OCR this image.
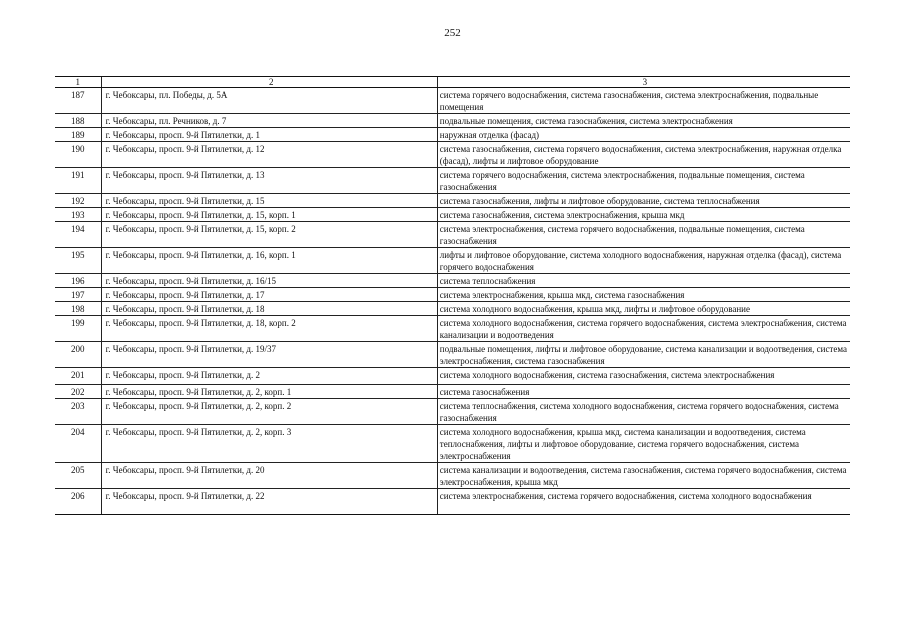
252
1	2	3
187	г. Чебоксары, пл. Победы, д. 5А	система горячего водоснабжения, система газоснабжения, система электроснабжения, подвальные помещения
188	г. Чебоксары, пл. Речников, д. 7	подвальные помещения, система газоснабжения, система электроснабжения
189	г. Чебоксары, просп. 9-й Пятилетки, д. 1	наружная отделка (фасад)
190	г. Чебоксары, просп. 9-й Пятилетки, д. 12	система газоснабжения, система горячего водоснабжения, система электроснабжения, наружная отделка (фасад), лифты и лифтовое оборудование
191	г. Чебоксары, просп. 9-й Пятилетки, д. 13	система горячего водоснабжения, система электроснабжения, подвальные помещения, система газоснабжения
192	г. Чебоксары, просп. 9-й Пятилетки, д. 15	система газоснабжения, лифты и лифтовое оборудование, система теплоснабжения
193	г. Чебоксары, просп. 9-й Пятилетки, д. 15, корп. 1	система газоснабжения, система электроснабжения, крыша мкд
194	г. Чебоксары, просп. 9-й Пятилетки, д. 15, корп. 2	система электроснабжения, система горячего водоснабжения, подвальные помещения, система газоснабжения
195	г. Чебоксары, просп. 9-й Пятилетки, д. 16, корп. 1	лифты и лифтовое оборудование, система холодного водоснабжения, наружная отделка (фасад), система горячего водоснабжения
196	г. Чебоксары, просп. 9-й Пятилетки, д. 16/15	система теплоснабжения
197	г. Чебоксары, просп. 9-й Пятилетки, д. 17	система электроснабжения, крыша мкд, система газоснабжения
198	г. Чебоксары, просп. 9-й Пятилетки, д. 18	система холодного водоснабжения, крыша мкд, лифты и лифтовое оборудование
199	г. Чебоксары, просп. 9-й Пятилетки, д. 18, корп. 2	система холодного водоснабжения, система горячего водоснабжения, система электроснабжения, система канализации и водоотведения
200	г. Чебоксары, просп. 9-й Пятилетки, д. 19/37	подвальные помещения, лифты и лифтовое оборудование, система канализации и водоотведения, система электроснабжения, система газоснабжения
201	г. Чебоксары, просп. 9-й Пятилетки, д. 2	система холодного водоснабжения, система газоснабжения, система электроснабжения
202	г. Чебоксары, просп. 9-й Пятилетки, д. 2, корп. 1	система газоснабжения
203	г. Чебоксары, просп. 9-й Пятилетки, д. 2, корп. 2	система теплоснабжения, система холодного водоснабжения, система горячего водоснабжения, система газоснабжения
204	г. Чебоксары, просп. 9-й Пятилетки, д. 2, корп. 3	система холодного водоснабжения, крыша мкд, система канализации и водоотведения, система теплоснабжения, лифты и лифтовое оборудование, система горячего водоснабжения, система электроснабжения
205	г. Чебоксары, просп. 9-й Пятилетки, д. 20	система канализации и водоотведения, система газоснабжения, система горячего водоснабжения, система электроснабжения, крыша мкд
206	г. Чебоксары, просп. 9-й Пятилетки, д. 22	система электроснабжения, система горячего водоснабжения, система холодного водоснабжения
